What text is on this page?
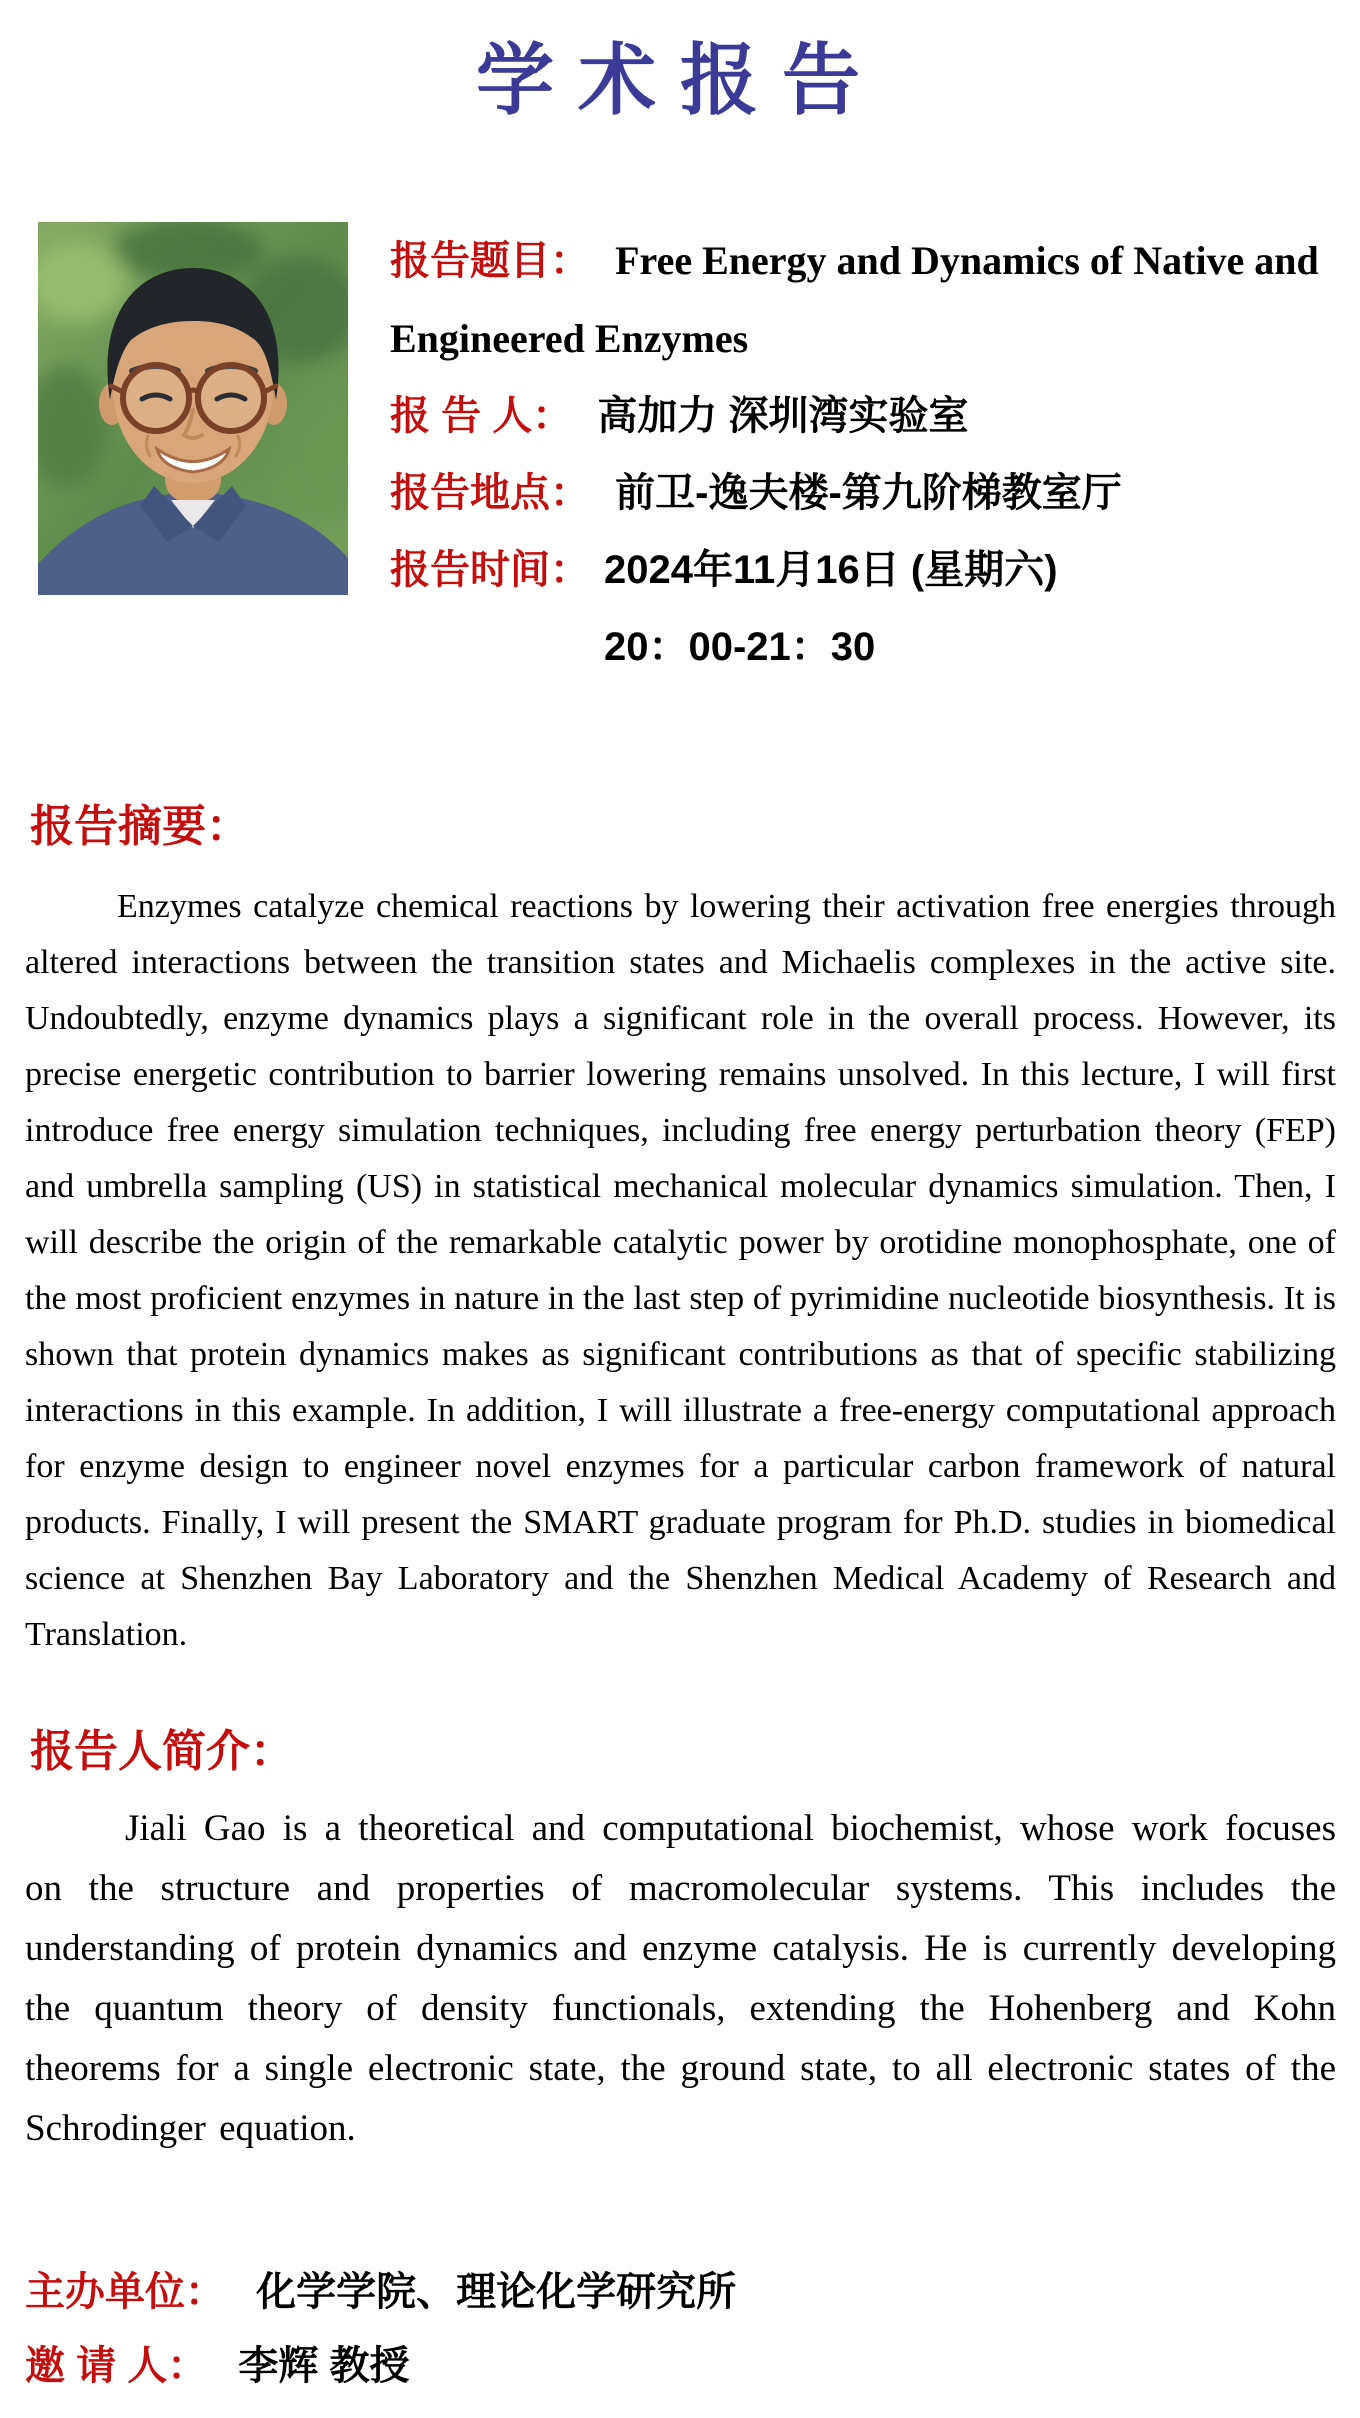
学术报告

报告题目： Free Energy and Dynamics of Native and Engineered Enzymes

报 告 人： 高加力 深圳湾实验室

报告地点： 前卫-逸夫楼-第九阶梯教室厅

报告时间： 2024年11月16日 (星期六)
20：00-21：30
报告摘要：

Enzymes catalyze chemical reactions by lowering their activation free energies through altered interactions between the transition states and Michaelis complexes in the active site. Undoubtedly, enzyme dynamics plays a significant role in the overall process. However, its precise energetic contribution to barrier lowering remains unsolved. In this lecture, I will first introduce free energy simulation techniques, including free energy perturbation theory (FEP) and umbrella sampling (US) in statistical mechanical molecular dynamics simulation. Then, I will describe the origin of the remarkable catalytic power by orotidine monophosphate, one of the most proficient enzymes in nature in the last step of pyrimidine nucleotide biosynthesis. It is shown that protein dynamics makes as significant contributions as that of specific stabilizing interactions in this example. In addition, I will illustrate a free-energy computational approach for enzyme design to engineer novel enzymes for a particular carbon framework of natural products. Finally, I will present the SMART graduate program for Ph.D. studies in biomedical science at Shenzhen Bay Laboratory and the Shenzhen Medical Academy of Research and Translation.

报告人简介：

Jiali Gao is a theoretical and computational biochemist, whose work focuses on the structure and properties of macromolecular systems. This includes the understanding of protein dynamics and enzyme catalysis. He is currently developing the quantum theory of density functionals, extending the Hohenberg and Kohn theorems for a single electronic state, the ground state, to all electronic states of the Schrodinger equation.

主办单位： 化学学院、理论化学研究所

邀 请 人： 李辉 教授
